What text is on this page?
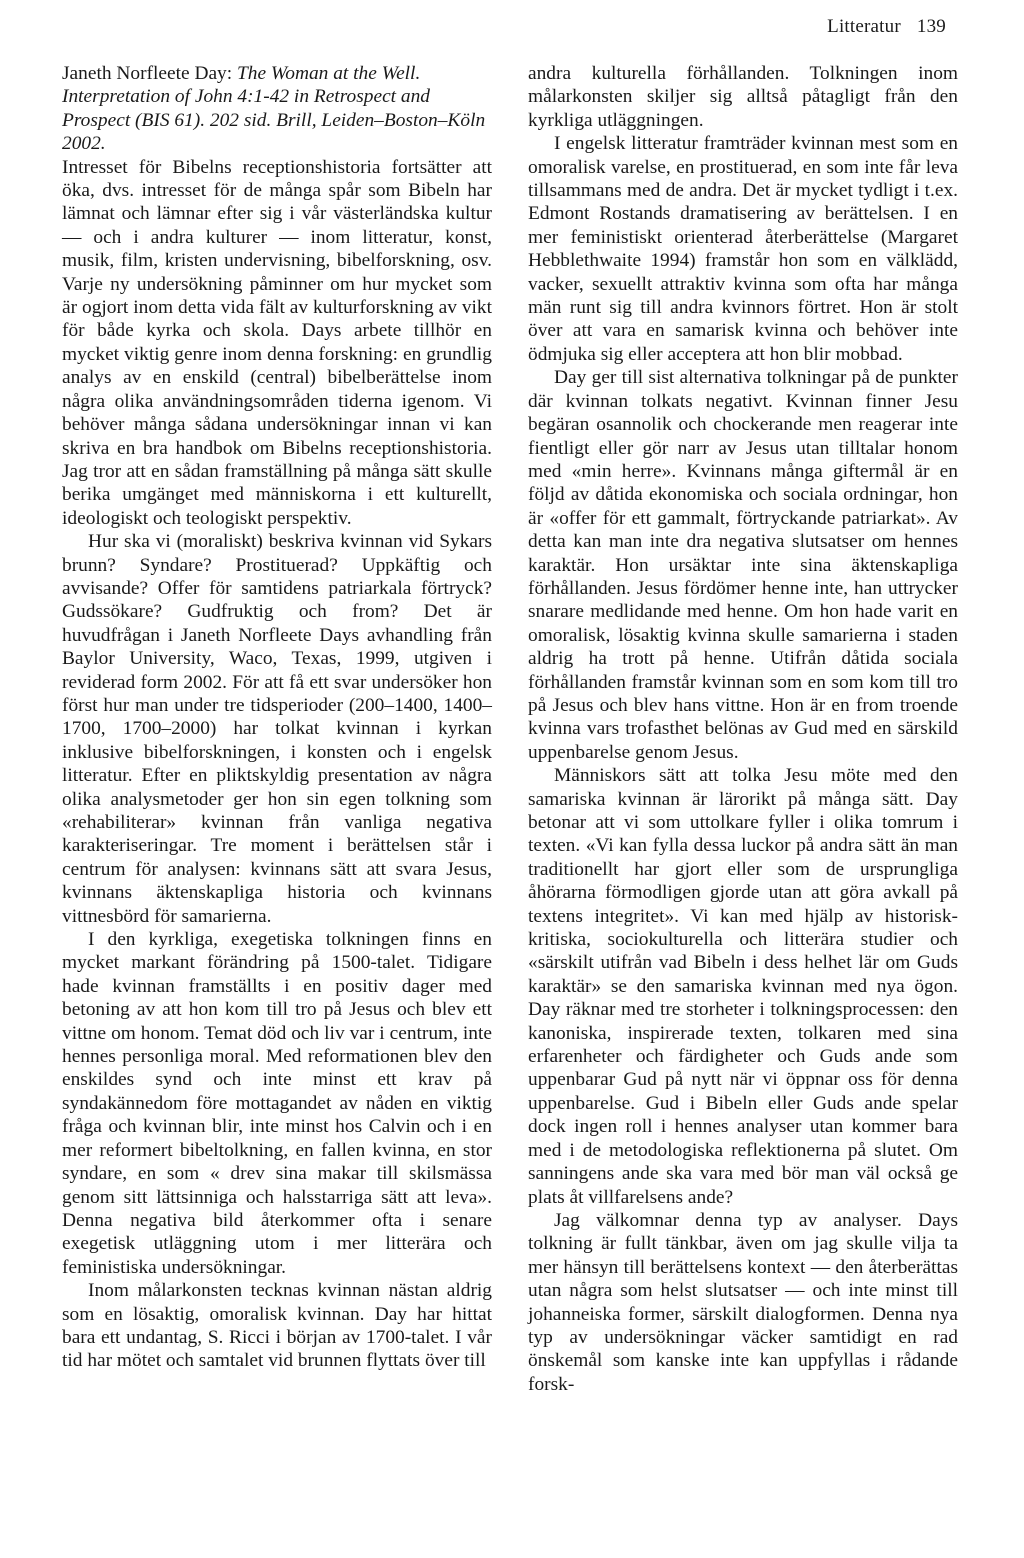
Litteratur 139

Janeth Norfleete Day: The Woman at the Well. Interpretation of John 4:1-42 in Retrospect and Prospect (BIS 61). 202 sid. Brill, Leiden–Boston–Köln 2002.

Intresset för Bibelns receptionshistoria fortsätter att öka, dvs. intresset för de många spår som Bibeln har lämnat och lämnar efter sig i vår västerländska kultur — och i andra kulturer — inom litteratur, konst, musik, film, kristen undervisning, bibelforskning, osv. Varje ny undersökning påminner om hur mycket som är ogjort inom detta vida fält av kulturforskning av vikt för både kyrka och skola. Days arbete tillhör en mycket viktig genre inom denna forskning: en grundlig analys av en enskild (central) bibelberättelse inom några olika användningsområden tiderna igenom. Vi behöver många sådana undersökningar innan vi kan skriva en bra handbok om Bibelns receptionshistoria. Jag tror att en sådan framställning på många sätt skulle berika umgänget med människorna i ett kulturellt, ideologiskt och teologiskt perspektiv.

Hur ska vi (moraliskt) beskriva kvinnan vid Sykars brunn? Syndare? Prostituerad? Uppkäftig och avvisande? Offer för samtidens patriarkala förtryck? Gudssökare? Gudfruktig och from? Det är huvudfrågan i Janeth Norfleete Days avhandling från Baylor University, Waco, Texas, 1999, utgiven i reviderad form 2002. För att få ett svar undersöker hon först hur man under tre tidsperioder (200–1400, 1400–1700, 1700–2000) har tolkat kvinnan i kyrkan inklusive bibelforskningen, i konsten och i engelsk litteratur. Efter en pliktskyldig presentation av några olika analysmetoder ger hon sin egen tolkning som «rehabiliterar» kvinnan från vanliga negativa karakteriseringar. Tre moment i berättelsen står i centrum för analysen: kvinnans sätt att svara Jesus, kvinnans äktenskapliga historia och kvinnans vittnesbörd för samarierna.

I den kyrkliga, exegetiska tolkningen finns en mycket markant förändring på 1500-talet. Tidigare hade kvinnan framställts i en positiv dager med betoning av att hon kom till tro på Jesus och blev ett vittne om honom. Temat död och liv var i centrum, inte hennes personliga moral. Med reformationen blev den enskildes synd och inte minst ett krav på syndakännedom före mottagandet av nåden en viktig fråga och kvinnan blir, inte minst hos Calvin och i en mer reformert bibeltolkning, en fallen kvinna, en stor syndare, en som « drev sina makar till skilsmässa genom sitt lättsinniga och halsstarriga sätt att leva». Denna negativa bild återkommer ofta i senare exegetisk utläggning utom i mer litterära och feministiska undersökningar.

Inom målarkonsten tecknas kvinnan nästan aldrig som en lösaktig, omoralisk kvinnan. Day har hittat bara ett undantag, S. Ricci i början av 1700-talet. I vår tid har mötet och samtalet vid brunnen flyttats över till

andra kulturella förhållanden. Tolkningen inom målarkonsten skiljer sig alltså påtagligt från den kyrkliga utläggningen.

I engelsk litteratur framträder kvinnan mest som en omoralisk varelse, en prostituerad, en som inte får leva tillsammans med de andra. Det är mycket tydligt i t.ex. Edmont Rostands dramatisering av berättelsen. I en mer feministiskt orienterad återberättelse (Margaret Hebblethwaite 1994) framstår hon som en välklädd, vacker, sexuellt attraktiv kvinna som ofta har många män runt sig till andra kvinnors förtret. Hon är stolt över att vara en samarisk kvinna och behöver inte ödmjuka sig eller acceptera att hon blir mobbad.

Day ger till sist alternativa tolkningar på de punkter där kvinnan tolkats negativt. Kvinnan finner Jesu begäran osannolik och chockerande men reagerar inte fientligt eller gör narr av Jesus utan tilltalar honom med «min herre». Kvinnans många giftermål är en följd av dåtida ekonomiska och sociala ordningar, hon är «offer för ett gammalt, förtryckande patriarkat». Av detta kan man inte dra negativa slutsatser om hennes karaktär. Hon ursäktar inte sina äktenskapliga förhållanden. Jesus fördömer henne inte, han uttrycker snarare medlidande med henne. Om hon hade varit en omoralisk, lösaktig kvinna skulle samarierna i staden aldrig ha trott på henne. Utifrån dåtida sociala förhållanden framstår kvinnan som en som kom till tro på Jesus och blev hans vittne. Hon är en from troende kvinna vars trofasthet belönas av Gud med en särskild uppenbarelse genom Jesus.

Människors sätt att tolka Jesu möte med den samariska kvinnan är lärorikt på många sätt. Day betonar att vi som uttolkare fyller i olika tomrum i texten. «Vi kan fylla dessa luckor på andra sätt än man traditionellt har gjort eller som de ursprungliga åhörarna förmodligen gjorde utan att göra avkall på textens integritet». Vi kan med hjälp av historisk-kritiska, sociokulturella och litterära studier och «särskilt utifrån vad Bibeln i dess helhet lär om Guds karaktär» se den samariska kvinnan med nya ögon. Day räknar med tre storheter i tolkningsprocessen: den kanoniska, inspirerade texten, tolkaren med sina erfarenheter och färdigheter och Guds ande som uppenbarar Gud på nytt när vi öppnar oss för denna uppenbarelse. Gud i Bibeln eller Guds ande spelar dock ingen roll i hennes analyser utan kommer bara med i de metodologiska reflektionerna på slutet. Om sanningens ande ska vara med bör man väl också ge plats åt villfarelsens ande?

Jag välkomnar denna typ av analyser. Days tolkning är fullt tänkbar, även om jag skulle vilja ta mer hänsyn till berättelsens kontext — den återberättas utan några som helst slutsatser — och inte minst till johanneiska former, särskilt dialogformen. Denna nya typ av undersökningar väcker samtidigt en rad önskemål som kanske inte kan uppfyllas i rådande forsk-
